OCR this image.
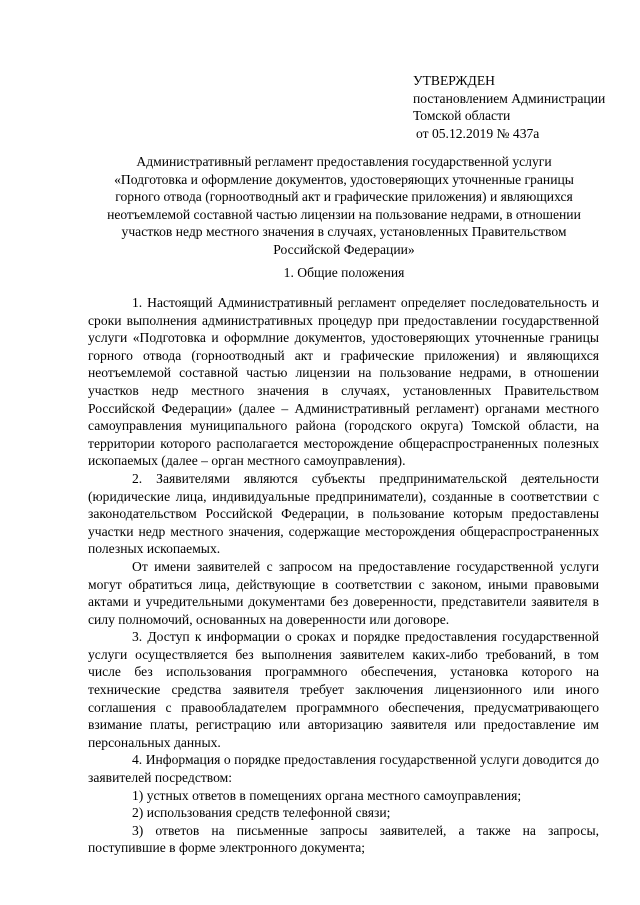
УТВЕРЖДЕН
постановлением Администрации
Томской области
от 05.12.2019 № 437а
Административный регламент предоставления государственной услуги
«Подготовка и оформление документов, удостоверяющих уточненные границы
горного отвода (горноотводный акт и графические приложения) и являющихся
неотъемлемой составной частью лицензии на пользование недрами, в отношении
участков недр местного значения в случаях, установленных Правительством
Российской Федерации»
1. Общие положения

1. Настоящий Административный регламент определяет последовательность и сроки выполнения административных процедур при предоставлении государственной услуги «Подготовка и оформлние документов, удостоверяющих уточненные границы горного отвода (горноотводный акт и графические приложения) и являющихся неотъемлемой составной частью лицензии на пользование недрами, в отношении участков недр местного значения в случаях, установленных Правительством Российской Федерации» (далее – Административный регламент) органами местного самоуправления муниципального района (городского округа) Томской области, на территории которого располагается месторождение общераспространенных полезных ископаемых (далее – орган местного самоуправления).

2. Заявителями являются субъекты предпринимательской деятельности (юридические лица, индивидуальные предприниматели), созданные в соответствии с законодательством Российской Федерации, в пользование которым предоставлены участки недр местного значения, содержащие месторождения общераспространенных полезных ископаемых.

От имени заявителей с запросом на предоставление государственной услуги могут обратиться лица, действующие в соответствии с законом, иными правовыми актами и учредительными документами без доверенности, представители заявителя в силу полномочий, основанных на доверенности или договоре.

3. Доступ к информации о сроках и порядке предоставления государственной услуги осуществляется без выполнения заявителем каких-либо требований, в том числе без использования программного обеспечения, установка которого на технические средства заявителя требует заключения лицензионного или иного соглашения с правообладателем программного обеспечения, предусматривающего взимание платы, регистрацию или авторизацию заявителя или предоставление им персональных данных.

4. Информация о порядке предоставления государственной услуги доводится до заявителей посредством:

1) устных ответов в помещениях органа местного самоуправления;

2) использования средств телефонной связи;

3) ответов на письменные запросы заявителей, а также на запросы, поступившие в форме электронного документа;
